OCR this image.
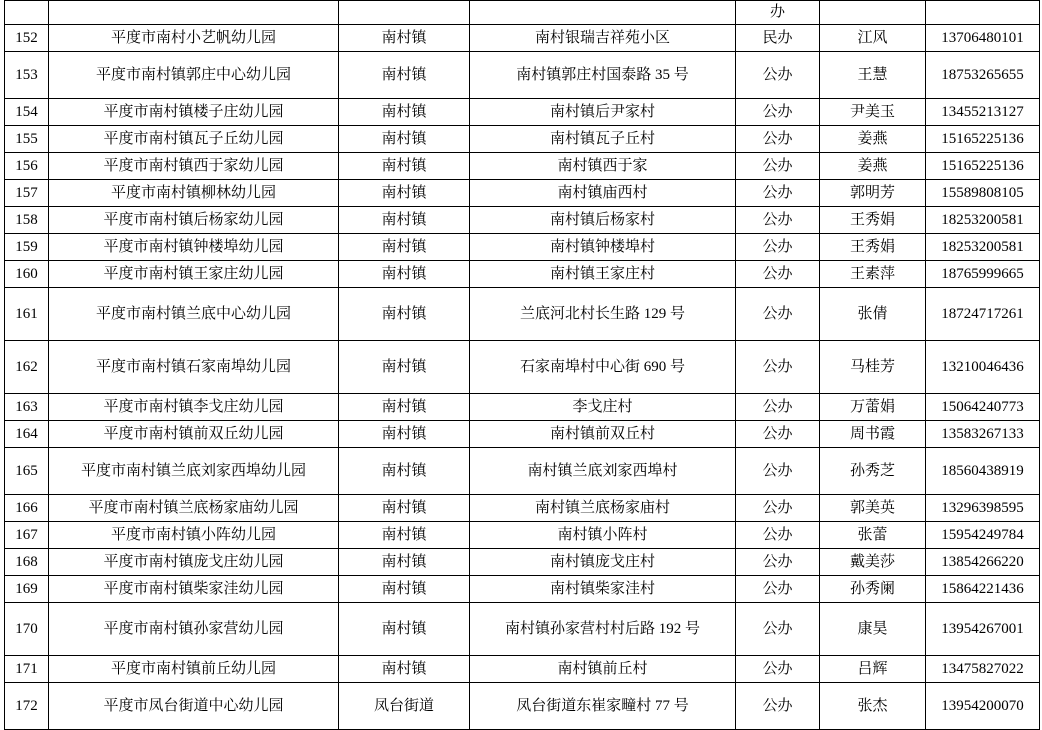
				办		
152	平度市南村小艺帆幼儿园	南村镇	南村银瑞吉祥苑小区	民办	江风	13706480101
153	平度市南村镇郭庄中心幼儿园	南村镇	南村镇郭庄村国泰路 35 号	公办	王慧	18753265655
154	平度市南村镇楼子庄幼儿园	南村镇	南村镇后尹家村	公办	尹美玉	13455213127
155	平度市南村镇瓦子丘幼儿园	南村镇	南村镇瓦子丘村	公办	姜燕	15165225136
156	平度市南村镇西于家幼儿园	南村镇	南村镇西于家	公办	姜燕	15165225136
157	平度市南村镇柳林幼儿园	南村镇	南村镇庙西村	公办	郭明芳	15589808105
158	平度市南村镇后杨家幼儿园	南村镇	南村镇后杨家村	公办	王秀娟	18253200581
159	平度市南村镇钟楼埠幼儿园	南村镇	南村镇钟楼埠村	公办	王秀娟	18253200581
160	平度市南村镇王家庄幼儿园	南村镇	南村镇王家庄村	公办	王素萍	18765999665
161	平度市南村镇兰底中心幼儿园	南村镇	兰底河北村长生路 129 号	公办	张倩	18724717261
162	平度市南村镇石家南埠幼儿园	南村镇	石家南埠村中心街 690 号	公办	马桂芳	13210046436
163	平度市南村镇李戈庄幼儿园	南村镇	李戈庄村	公办	万蕾娟	15064240773
164	平度市南村镇前双丘幼儿园	南村镇	南村镇前双丘村	公办	周书霞	13583267133
165	平度市南村镇兰底刘家西埠幼儿园	南村镇	南村镇兰底刘家西埠村	公办	孙秀芝	18560438919
166	平度市南村镇兰底杨家庙幼儿园	南村镇	南村镇兰底杨家庙村	公办	郭美英	13296398595
167	平度市南村镇小阵幼儿园	南村镇	南村镇小阵村	公办	张蕾	15954249784
168	平度市南村镇庞戈庄幼儿园	南村镇	南村镇庞戈庄村	公办	戴美莎	13854266220
169	平度市南村镇柴家洼幼儿园	南村镇	南村镇柴家洼村	公办	孙秀阑	15864221436
170	平度市南村镇孙家营幼儿园	南村镇	南村镇孙家营村村后路 192 号	公办	康昊	13954267001
171	平度市南村镇前丘幼儿园	南村镇	南村镇前丘村	公办	吕辉	13475827022
172	平度市凤台街道中心幼儿园	凤台街道	凤台街道东崔家疃村 77 号	公办	张杰	13954200070
